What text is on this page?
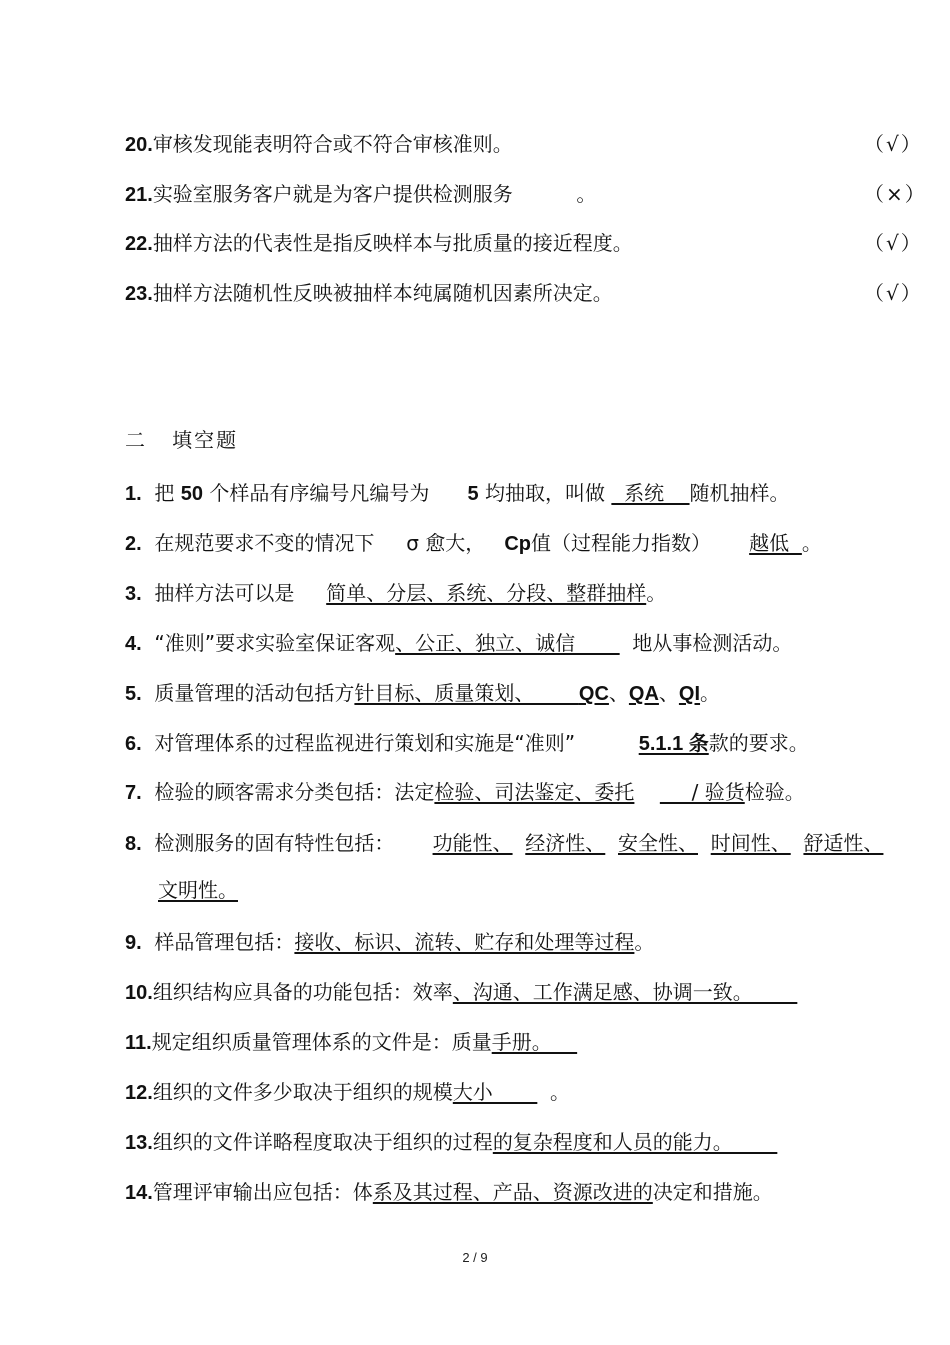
20.审核发现能表明符合或不符合审核准则。	（√）
21.实验室服务客户就是为客户提供检测服务          。	（×）
22.抽样方法的代表性是指反映样本与批质量的接近程度。	（√）
23.抽样方法随机性反映被抽样本纯属随机因素所决定。	（√）
二   填空题
1. 把 50 个样品有序编号凡编号为      5 均抽取，叫做   系统    随机抽样。
2. 在规范要求不变的情况下     σ 愈大，   Cp值（过程能力指数）      越低  。
3. 抽样方法可以是     简单、分层、系统、分段、整群抽样。
4. “准则”要求实验室保证客观、公正、独立、诚信         地从事检测活动。
5. 质量管理的活动包括方针目标、质量策划、       QC、QA、QI。
6. 对管理体系的过程监视进行策划和实施是“准则”          5.1.1 条款的要求。
7. 检验的顾客需求分类包括：法定检验、司法鉴定、委托         / 验货检验。
8. 检测服务的固有特性包括：      功能性、 经济性、 安全性、 时间性、 舒适性、
文明性。
9. 样品管理包括：接收、标识、流转、贮存和处理等过程。
10.组织结构应具备的功能包括：效率、沟通、工作满足感、协调一致。
11.规定组织质量管理体系的文件是：质量手册。
12.组织的文件多少取决于组织的规模大小         。
13.组织的文件详略程度取决于组织的过程的复杂程度和人员的能力。
14.管理评审输出应包括：体系及其过程、产品、资源改进的决定和措施。
2 / 9
